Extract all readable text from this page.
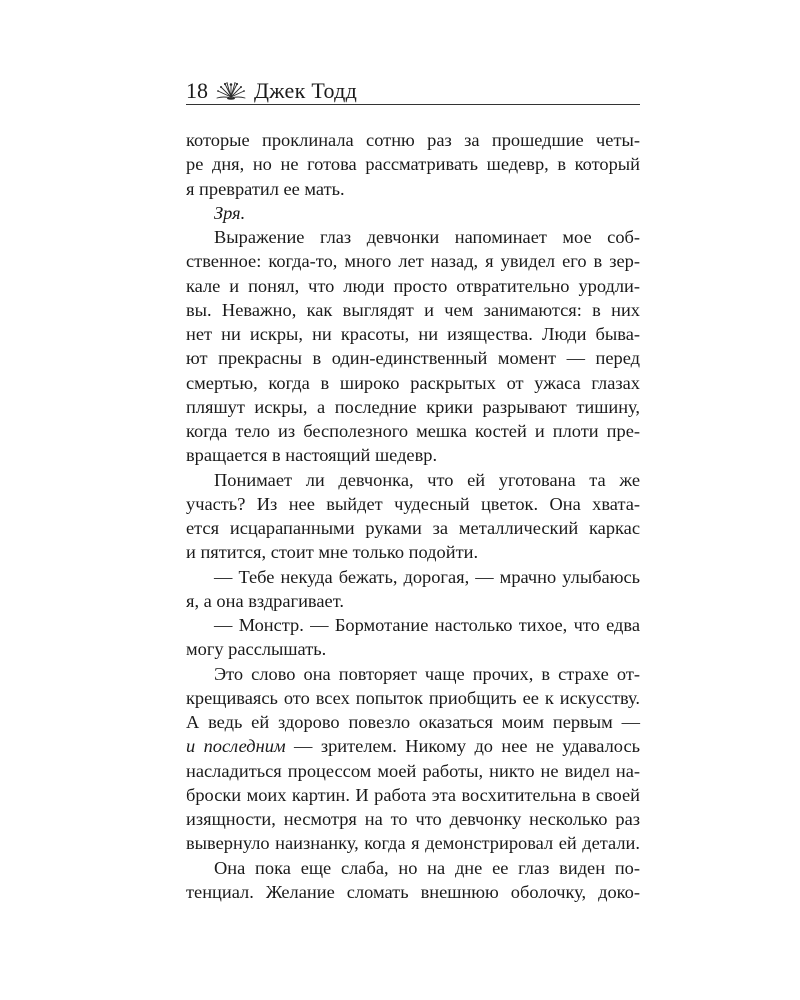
18 Джек Тодд
которые проклинала сотню раз за прошедшие четы-
ре дня, но не готова рассматривать шедевр, в который
я превратил ее мать.
Зря.
Выражение глаз девчонки напоминает мое соб-
ственное: когда-то, много лет назад, я увидел его в зер-
кале и понял, что люди просто отвратительно уродли-
вы. Неважно, как выглядят и чем занимаются: в них
нет ни искры, ни красоты, ни изящества. Люди быва-
ют прекрасны в один-единственный момент — перед
смертью, когда в широко раскрытых от ужаса глазах
пляшут искры, а последние крики разрывают тишину,
когда тело из бесполезного мешка костей и плоти пре-
вращается в настоящий шедевр.
Понимает ли девчонка, что ей уготована та же
участь? Из нее выйдет чудесный цветок. Она хвата-
ется исцарапанными руками за металлический каркас
и пятится, стоит мне только подойти.
— Тебе некуда бежать, дорогая, — мрачно улыбаюсь
я, а она вздрагивает.
— Монстр. — Бормотание настолько тихое, что едва
могу расслышать.
Это слово она повторяет чаще прочих, в страхе от-
крещиваясь ото всех попыток приобщить ее к искусству.
А ведь ей здорово повезло оказаться моим первым —
и последним — зрителем. Никому до нее не удавалось
насладиться процессом моей работы, никто не видел на-
броски моих картин. И работа эта восхитительна в своей
изящности, несмотря на то что девчонку несколько раз
вывернуло наизнанку, когда я демонстрировал ей детали.
Она пока еще слаба, но на дне ее глаз виден по-
тенциал. Желание сломать внешнюю оболочку, доко-
